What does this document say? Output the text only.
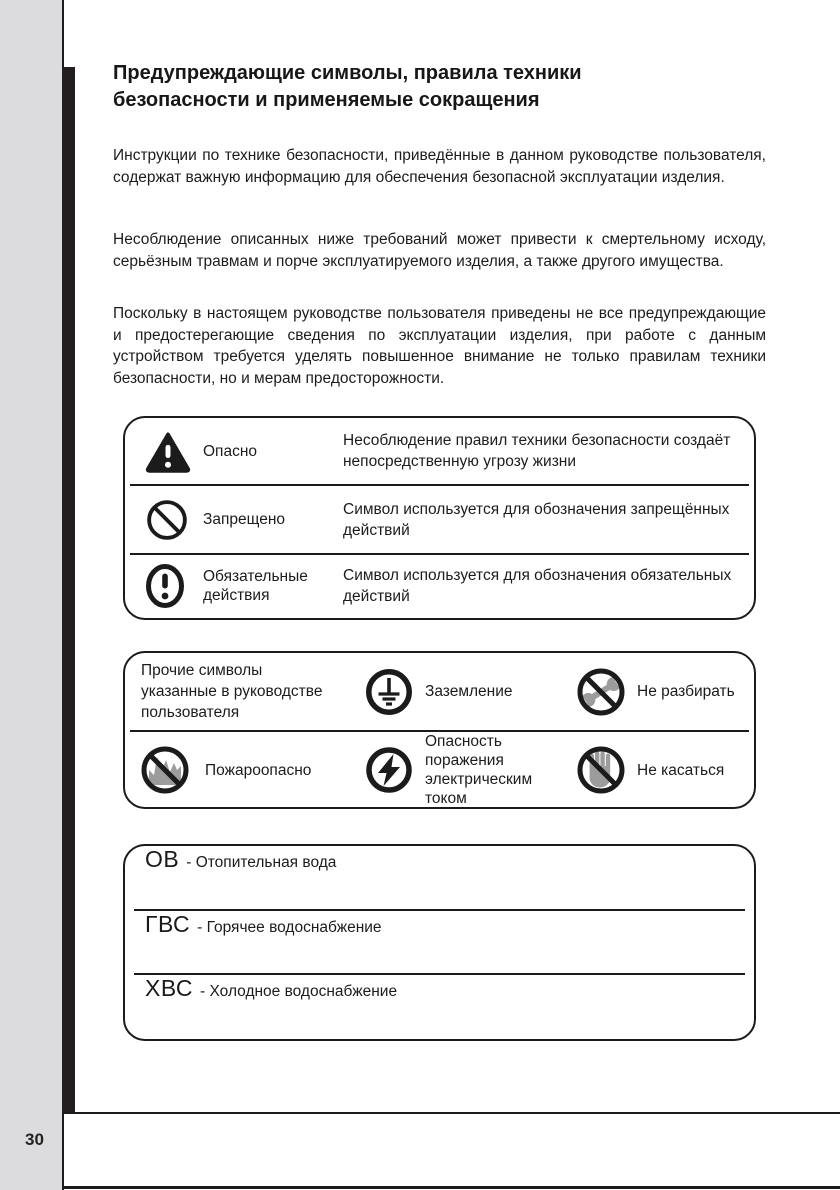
30
Предупреждающие символы, правила техники
безопасности и применяемые сокращения

Инструкции по технике безопасности, приведённые в данном руководстве пользователя, содержат важную информацию для обеспечения безопасной эксплуатации изделия.

Несоблюдение описанных ниже требований может привести к смертельному исходу, серьёзным травмам и порче эксплуатируемого изделия, а также другого имущества.

Поскольку в настоящем руководстве пользователя приведены не все предупреждающие и предостерегающие сведения по эксплуатации изделия, при работе с данным устройством требуется уделять повышенное внимание не только правилам техники безопасности, но и мерам предосторожности.

Опасно
Несоблюдение правил техники безопасности создаёт непосредственную угрозу жизни
Запрещено
Символ используется для обозначения запрещённых действий
Обязательные действия
Символ используется для обозначения обязательных действий
Прочие символы указанные в руководстве пользователя
Заземление	Не разбирать
Пожароопасно
Опасность поражения электрическим током
Не касаться
ОВ - Отопительная вода
ГВС - Горячее водоснабжение
ХВС - Холодное водоснабжение
